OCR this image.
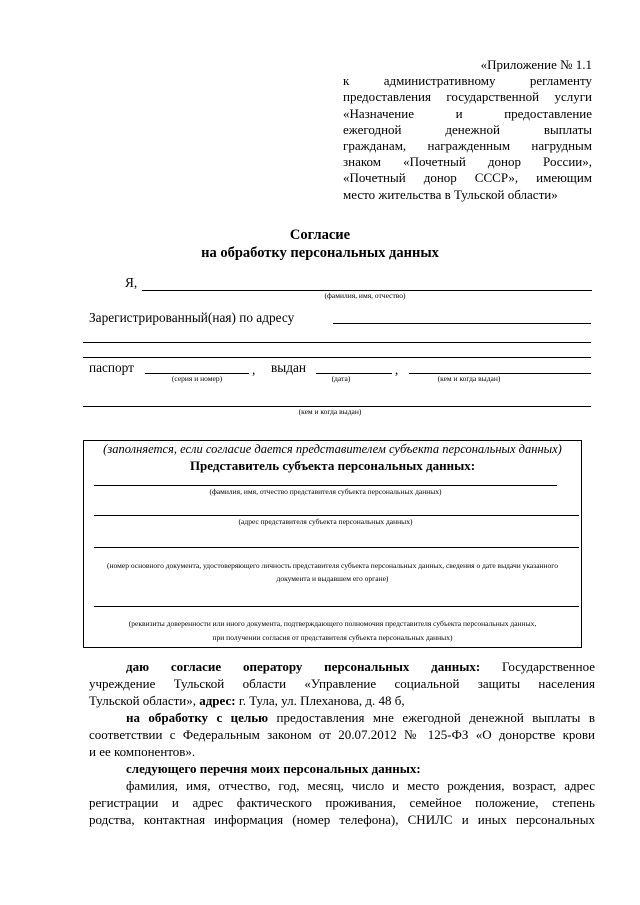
«Приложение № 1.1
к административному регламенту
предоставления государственной услуги
«Назначение и предоставление
ежегодной денежной выплаты
гражданам, награжденным нагрудным
знаком «Почетный донор России»,
«Почетный донор СССР», имеющим
место жительства в Тульской области»
Согласие
на обработку персональных данных
Я,
(фамилия, имя, отчество)
Зарегистрированный(ная) по адресу
паспорт
(серия и номер)
, выдан
(дата)
,
(кем и когда выдан)
(кем и когда выдан)
(заполняется, если согласие дается представителем субъекта персональных данных)
Представитель субъекта персональных данных:
(фамилия, имя, отчество представителя субъекта персональных данных)
(адрес представителя субъекта персональных данных)
(номер основного документа, удостоверяющего личность представителя субъекта персональных данных, сведения о дате выдачи указанного
документа и выдавшем его органе)
(реквизиты доверенности или иного документа, подтверждающего полномочия представителя субъекта персональных данных,
при получении согласия от представителя субъекта персональных данных)
даю согласие оператору персональных данных: Государственное
учреждение Тульской области «Управление социальной защиты населения
Тульской области», адрес: г. Тула, ул. Плеханова, д. 48 б,
на обработку с целью предоставления мне ежегодной денежной выплаты в
соответствии с Федеральным законом от 20.07.2012 № 125-ФЗ «О донорстве крови
и ее компонентов».
следующего перечня моих персональных данных:
фамилия, имя, отчество, год, месяц, число и место рождения, возраст, адрес
регистрации и адрес фактического проживания, семейное положение, степень
родства, контактная информация (номер телефона), СНИЛС и иных персональных
